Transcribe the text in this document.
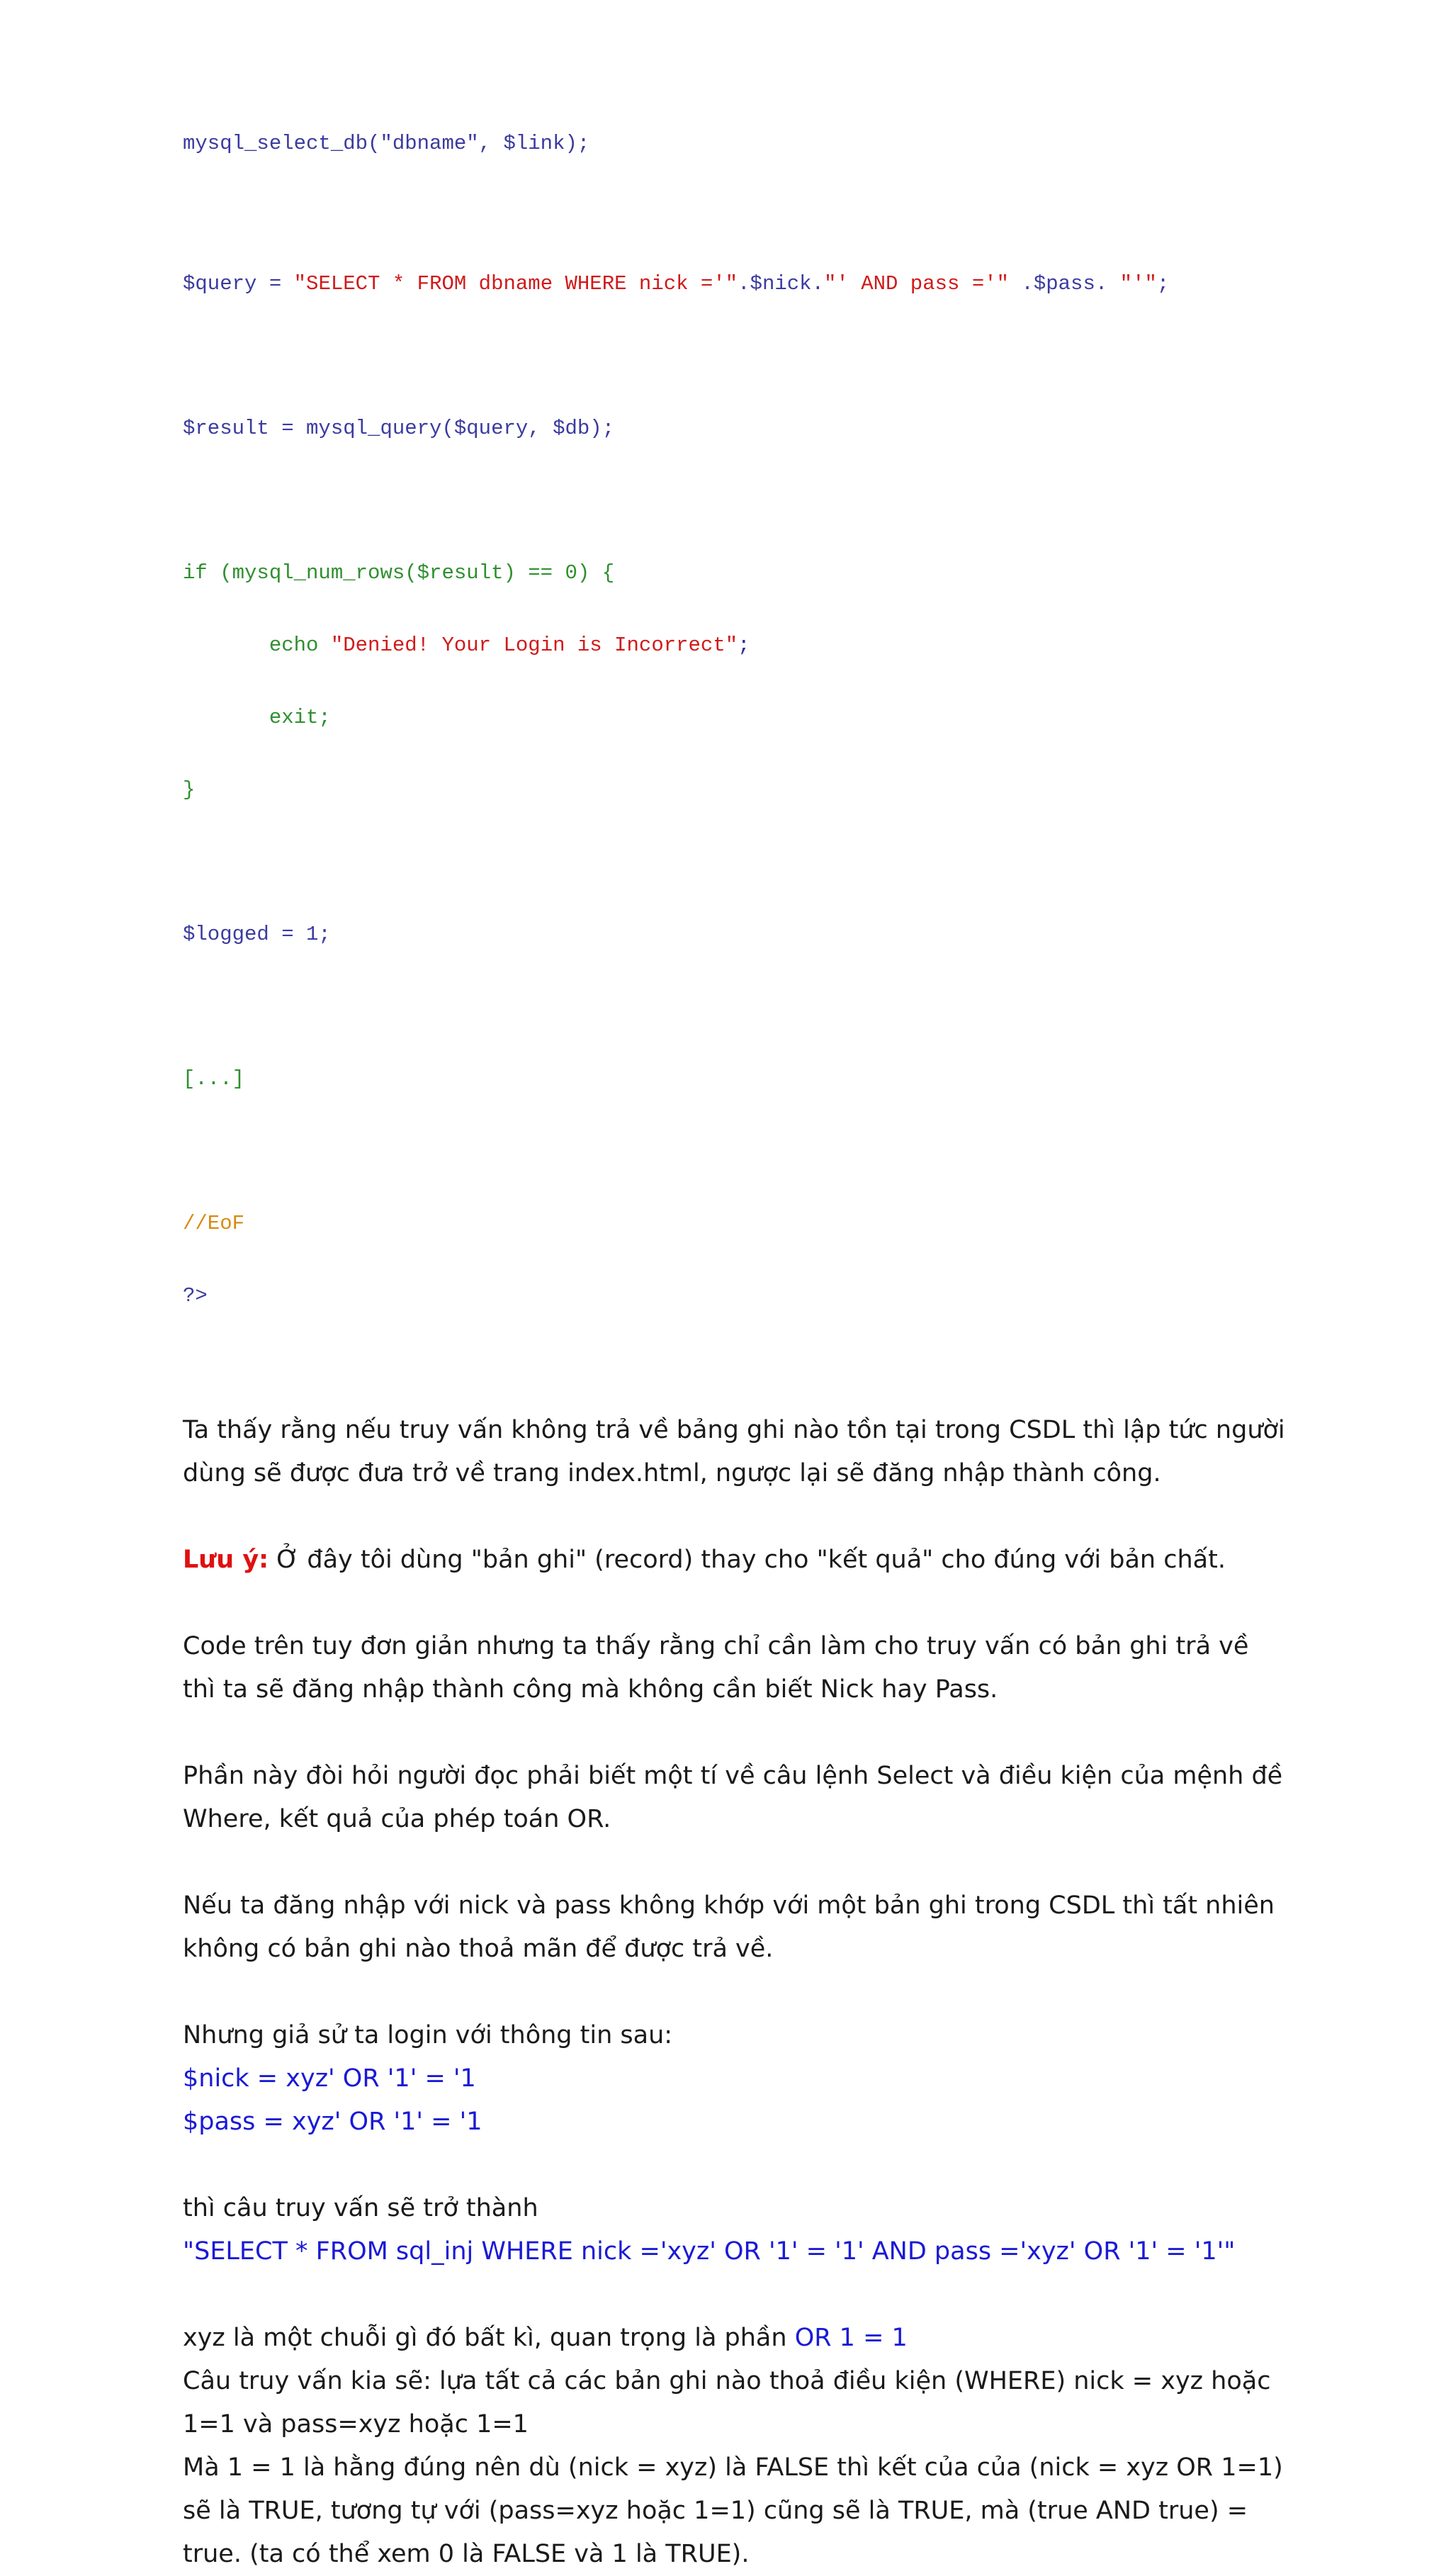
mysql_select_db("dbname", $link);

$query = "SELECT * FROM dbname WHERE nick ='".$nick."' AND pass ='" .$pass. "'";

$result = mysql_query($query, $db);

if (mysql_num_rows($result) == 0) {

echo "Denied! Your Login is Incorrect";

exit;

}

$logged = 1;

[...]

//EoF

?>

Ta thấy rằng nếu truy vấn không trả về bảng ghi nào tồn tại trong CSDL thì lập tức người dùng sẽ được đưa trở về trang index.html, ngược lại sẽ đăng nhập thành công.

Lưu ý: Ở đây tôi dùng "bản ghi" (record) thay cho "kết quả" cho đúng với bản chất.

Code trên tuy đơn giản nhưng ta thấy rằng chỉ cần làm cho truy vấn có bản ghi trả về thì ta sẽ đăng nhập thành công mà không cần biết Nick hay Pass.

Phần này đòi hỏi người đọc phải biết một tí về câu lệnh Select và điều kiện của mệnh đề Where, kết quả của phép toán OR.

Nếu ta đăng nhập với nick và pass không khớp với một bản ghi trong CSDL thì tất nhiên không có bản ghi nào thoả mãn để được trả về.

Nhưng giả sử ta login với thông tin sau:

$nick = xyz' OR '1' = '1

$pass = xyz' OR '1' = '1

thì câu truy vấn sẽ trở thành

"SELECT * FROM sql_inj WHERE nick ='xyz' OR '1' = '1' AND pass ='xyz' OR '1' = '1'"

xyz là một chuỗi gì đó bất kì, quan trọng là phần OR 1 = 1

Câu truy vấn kia sẽ: lựa tất cả các bản ghi nào thoả điều kiện (WHERE) nick = xyz hoặc 1=1 và pass=xyz hoặc 1=1

Mà 1 = 1 là hằng đúng nên dù (nick = xyz) là FALSE thì kết của của (nick = xyz OR 1=1) sẽ là TRUE, tương tự với (pass=xyz hoặc 1=1) cũng sẽ là TRUE, mà (true AND true) = true. (ta có thể xem 0 là FALSE và 1 là TRUE).
